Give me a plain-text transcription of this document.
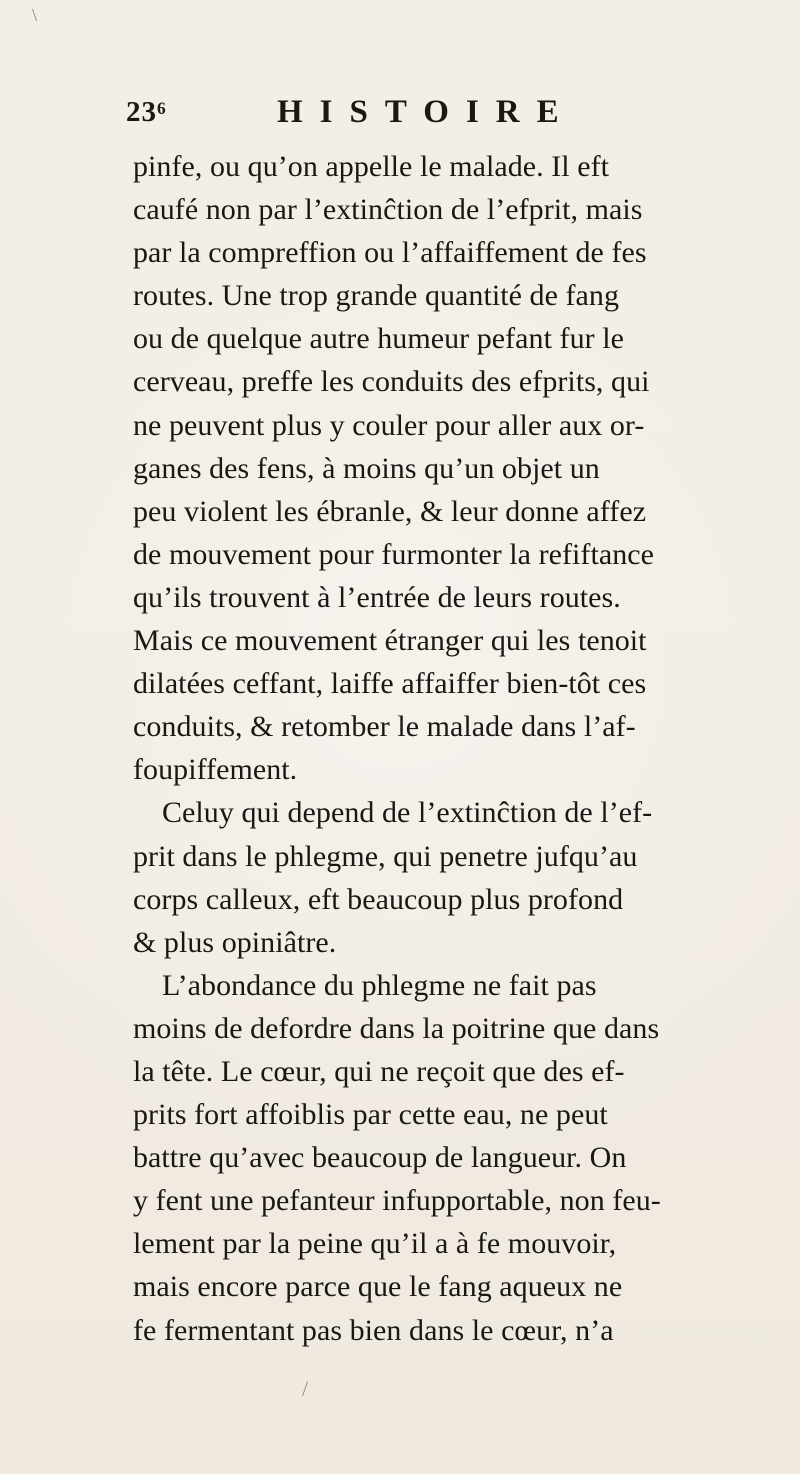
\
23⁶	HISTOIRE
pinfe, ou qu’on appelle le malade. Il eft
caufé non par l’extinĉtion de l’efprit, mais
par la compreffion ou l’affaiffement de fes
routes. Une trop grande quantité de fang
ou de quelque autre humeur pefant fur le
cerveau, preffe les conduits des efprits, qui
ne peuvent plus y couler pour aller aux or-
ganes des fens, à moins qu’un objet un
peu violent les ébranle, & leur donne affez
de mouvement pour furmonter la refiftance
qu’ils trouvent à l’entrée de leurs routes.
Mais ce mouvement étranger qui les tenoit
dilatées ceffant, laiffe affaiffer bien-tôt ces
conduits, & retomber le malade dans l’af-
foupiffement.
Celuy qui depend de l’extinĉtion de l’ef-
prit dans le phlegme, qui penetre jufqu’au
corps calleux, eft beaucoup plus profond
& plus opiniâtre.
L’abondance du phlegme ne fait pas
moins de defordre dans la poitrine que dans
la tête. Le cœur, qui ne reçoit que des ef-
prits fort affoiblis par cette eau, ne peut
battre qu’avec beaucoup de langueur. On
y fent une pefanteur infupportable, non feu-
lement par la peine qu’il a à fe mouvoir,
mais encore parce que le fang aqueux ne
fe fermentant pas bien dans le cœur, n’a
/
